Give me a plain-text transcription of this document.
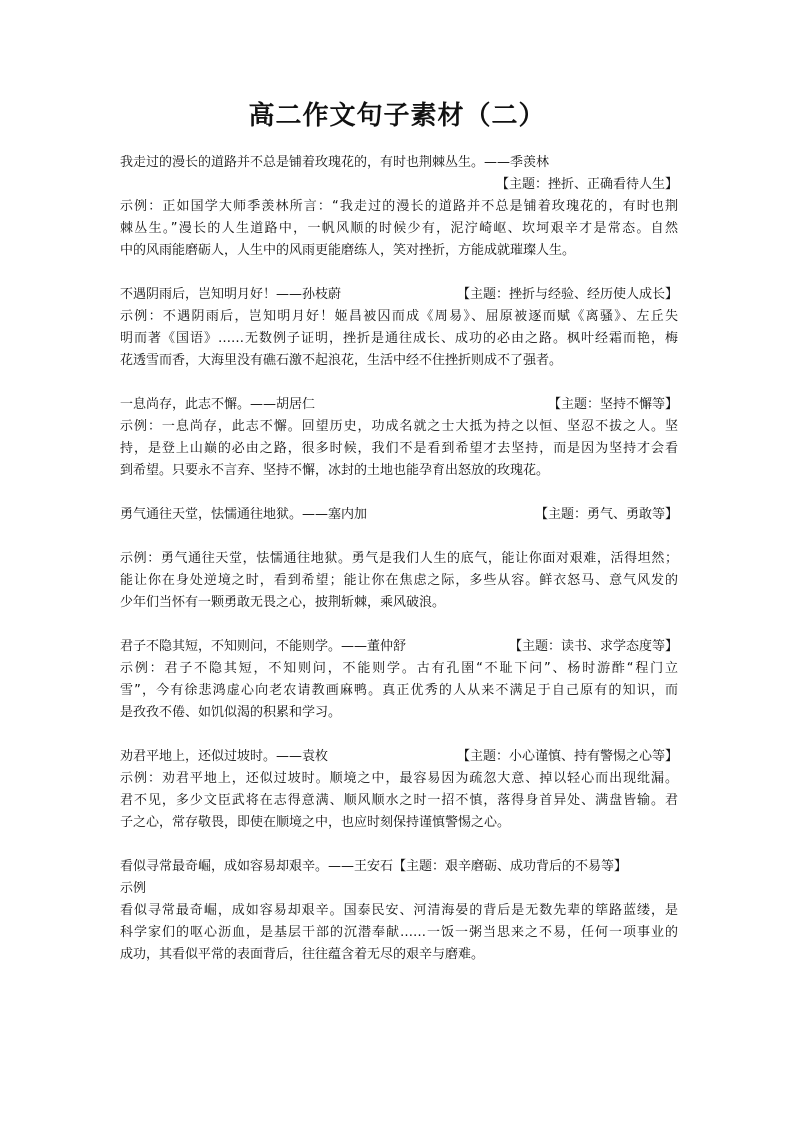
高二作文句子素材（二）
我走过的漫长的道路并不总是铺着玫瑰花的，有时也荆棘丛生。——季羡林
【主题：挫折、正确看待人生】
示例：正如国学大师季羡林所言：“我走过的漫长的道路并不总是铺着玫瑰花的，有时也荆
棘丛生。”漫长的人生道路中，一帆风顺的时候少有，泥泞崎岖、坎坷艰辛才是常态。自然
中的风雨能磨砺人，人生中的风雨更能磨练人，笑对挫折，方能成就璀璨人生。
不遇阴雨后，岂知明月好！——孙枝蔚	【主题：挫折与经验、经历使人成长】
示例：不遇阴雨后，岂知明月好！姬昌被囚而成《周易》、屈原被逐而赋《离骚》、左丘失
明而著《国语》……无数例子证明，挫折是通往成长、成功的必由之路。枫叶经霜而艳，梅
花透雪而香，大海里没有礁石激不起浪花，生活中经不住挫折则成不了强者。
一息尚存，此志不懈。——胡居仁	【主题：坚持不懈等】
示例：一息尚存，此志不懈。回望历史，功成名就之士大抵为持之以恒、坚忍不拔之人。坚
持，是登上山巅的必由之路，很多时候，我们不是看到希望才去坚持，而是因为坚持才会看
到希望。只要永不言弃、坚持不懈，冰封的土地也能孕育出怒放的玫瑰花。
勇气通往天堂，怯懦通往地狱。——塞内加	【主题：勇气、勇敢等】
示例：勇气通往天堂，怯懦通往地狱。勇气是我们人生的底气，能让你面对艰难，活得坦然；
能让你在身处逆境之时，看到希望；能让你在焦虑之际，多些从容。鲜衣怒马、意气风发的
少年们当怀有一颗勇敢无畏之心，披荆斩棘，乘风破浪。
君子不隐其短，不知则问，不能则学。——董仲舒	【主题：读书、求学态度等】
示例：君子不隐其短，不知则问，不能则学。古有孔圉“不耻下问”、杨时游酢“程门立
雪”，今有徐悲鸿虚心向老农请教画麻鸭。真正优秀的人从来不满足于自己原有的知识，而
是孜孜不倦、如饥似渴的积累和学习。
劝君平地上，还似过坡时。——袁枚	【主题：小心谨慎、持有警惕之心等】
示例：劝君平地上，还似过坡时。顺境之中，最容易因为疏忽大意、掉以轻心而出现纰漏。
君不见，多少文臣武将在志得意满、顺风顺水之时一招不慎，落得身首异处、满盘皆输。君
子之心，常存敬畏，即使在顺境之中，也应时刻保持谨慎警惕之心。
看似寻常最奇崛，成如容易却艰辛。——王安石【主题：艰辛磨砺、成功背后的不易等】
示例
看似寻常最奇崛，成如容易却艰辛。国泰民安、河清海晏的背后是无数先辈的筚路蓝缕，是
科学家们的呕心沥血，是基层干部的沉潜奉献……一饭一粥当思来之不易，任何一项事业的
成功，其看似平常的表面背后，往往蕴含着无尽的艰辛与磨难。
